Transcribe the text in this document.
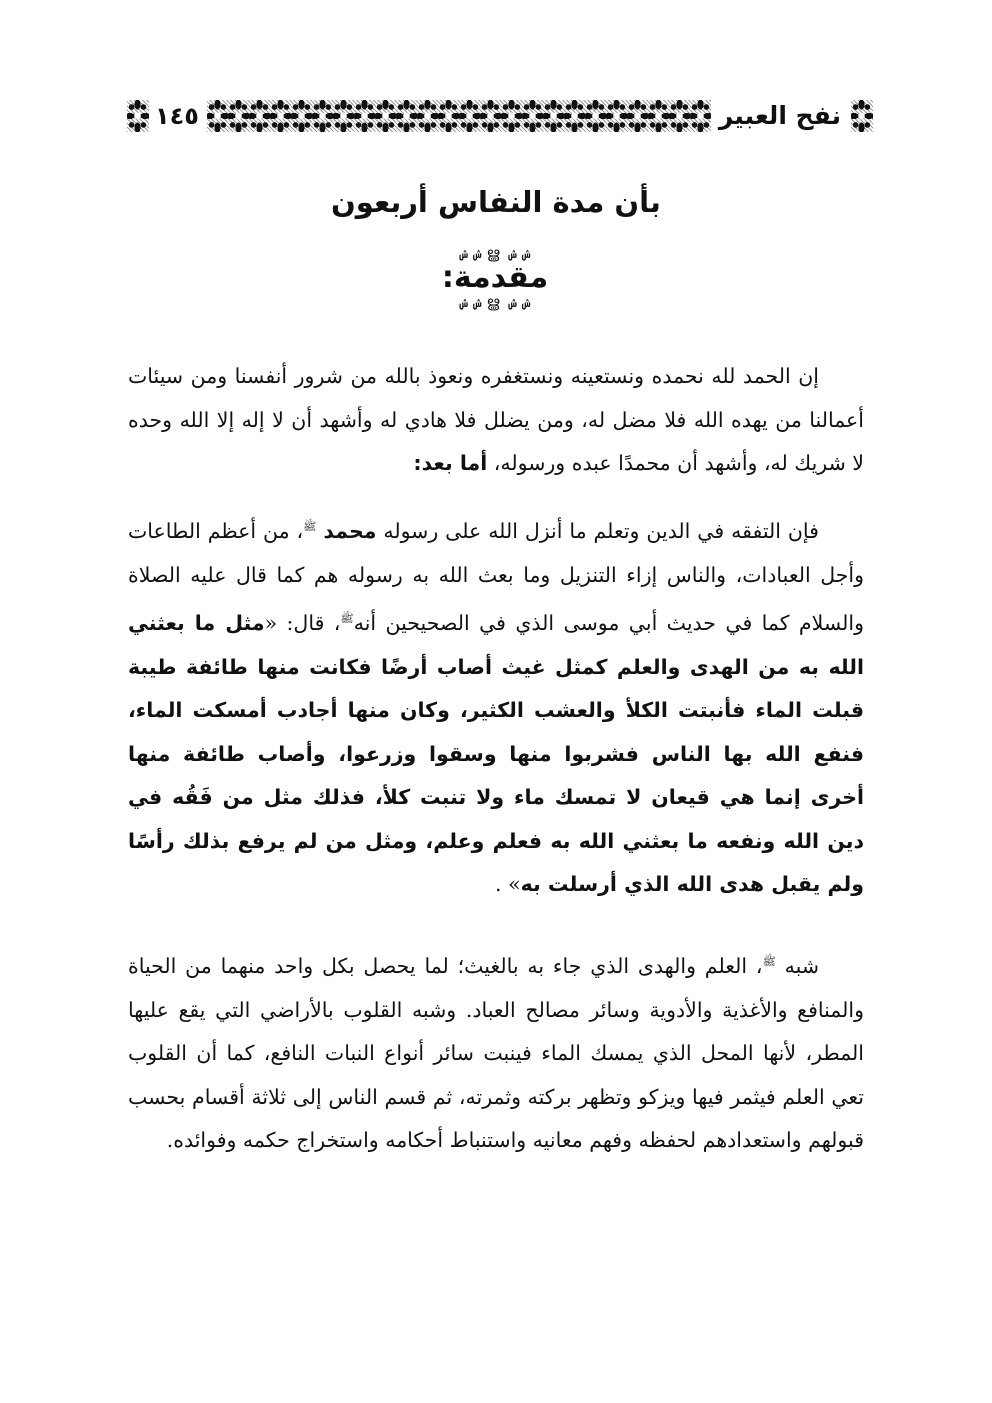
نفح العبير
١٤٥
بأن مدة النفاس أربعون
ݾ ݾ ൠ ݾ ݾ
مقدمة:
ݾ ݾ ൠ ݾ ݾ

إن الحمد لله نحمده ونستعينه ونستغفره ونعوذ بالله من شرور أنفسنا ومن سيئات أعمالنا من يهده الله فلا مضل له، ومن يضلل فلا هادي له وأشهد أن لا إله إلا الله وحده لا شريك له، وأشهد أن محمدًا عبده ورسوله، أما بعد:

فإن التفقه في الدين وتعلم ما أنزل الله على رسوله محمد $^ﷺ$، من أعظم الطاعات وأجل العبادات، والناس إزاء التنزيل وما بعث الله به رسوله هم كما قال عليه الصلاة والسلام كما في حديث أبي موسى الذي في الصحيحين أنه$^ﷺ$، قال: «مثل ما بعثني الله به من الهدى والعلم كمثل غيث أصاب أرضًا فكانت منها طائفة طيبة قبلت الماء فأنبتت الكلأ والعشب الكثير، وكان منها أجادب أمسكت الماء، فنفع الله بها الناس فشربوا منها وسقوا وزرعوا، وأصاب طائفة منها أخرى إنما هي قيعان لا تمسك ماء ولا تنبت كلأ، فذلك مثل من فَقُه في دين الله ونفعه ما بعثني الله به فعلم وعلم، ومثل من لم يرفع بذلك رأسًا ولم يقبل هدى الله الذي أرسلت به» .

شبه $^ﷺ$، العلم والهدى الذي جاء به بالغيث؛ لما يحصل بكل واحد منهما من الحياة والمنافع والأغذية والأدوية وسائر مصالح العباد. وشبه القلوب بالأراضي التي يقع عليها المطر، لأنها المحل الذي يمسك الماء فينبت سائر أنواع النبات النافع، كما أن القلوب تعي العلم فيثمر فيها ويزكو وتظهر بركته وثمرته، ثم قسم الناس إلى ثلاثة أقسام بحسب قبولهم واستعدادهم لحفظه وفهم معانيه واستنباط أحكامه واستخراج حكمه وفوائده.
